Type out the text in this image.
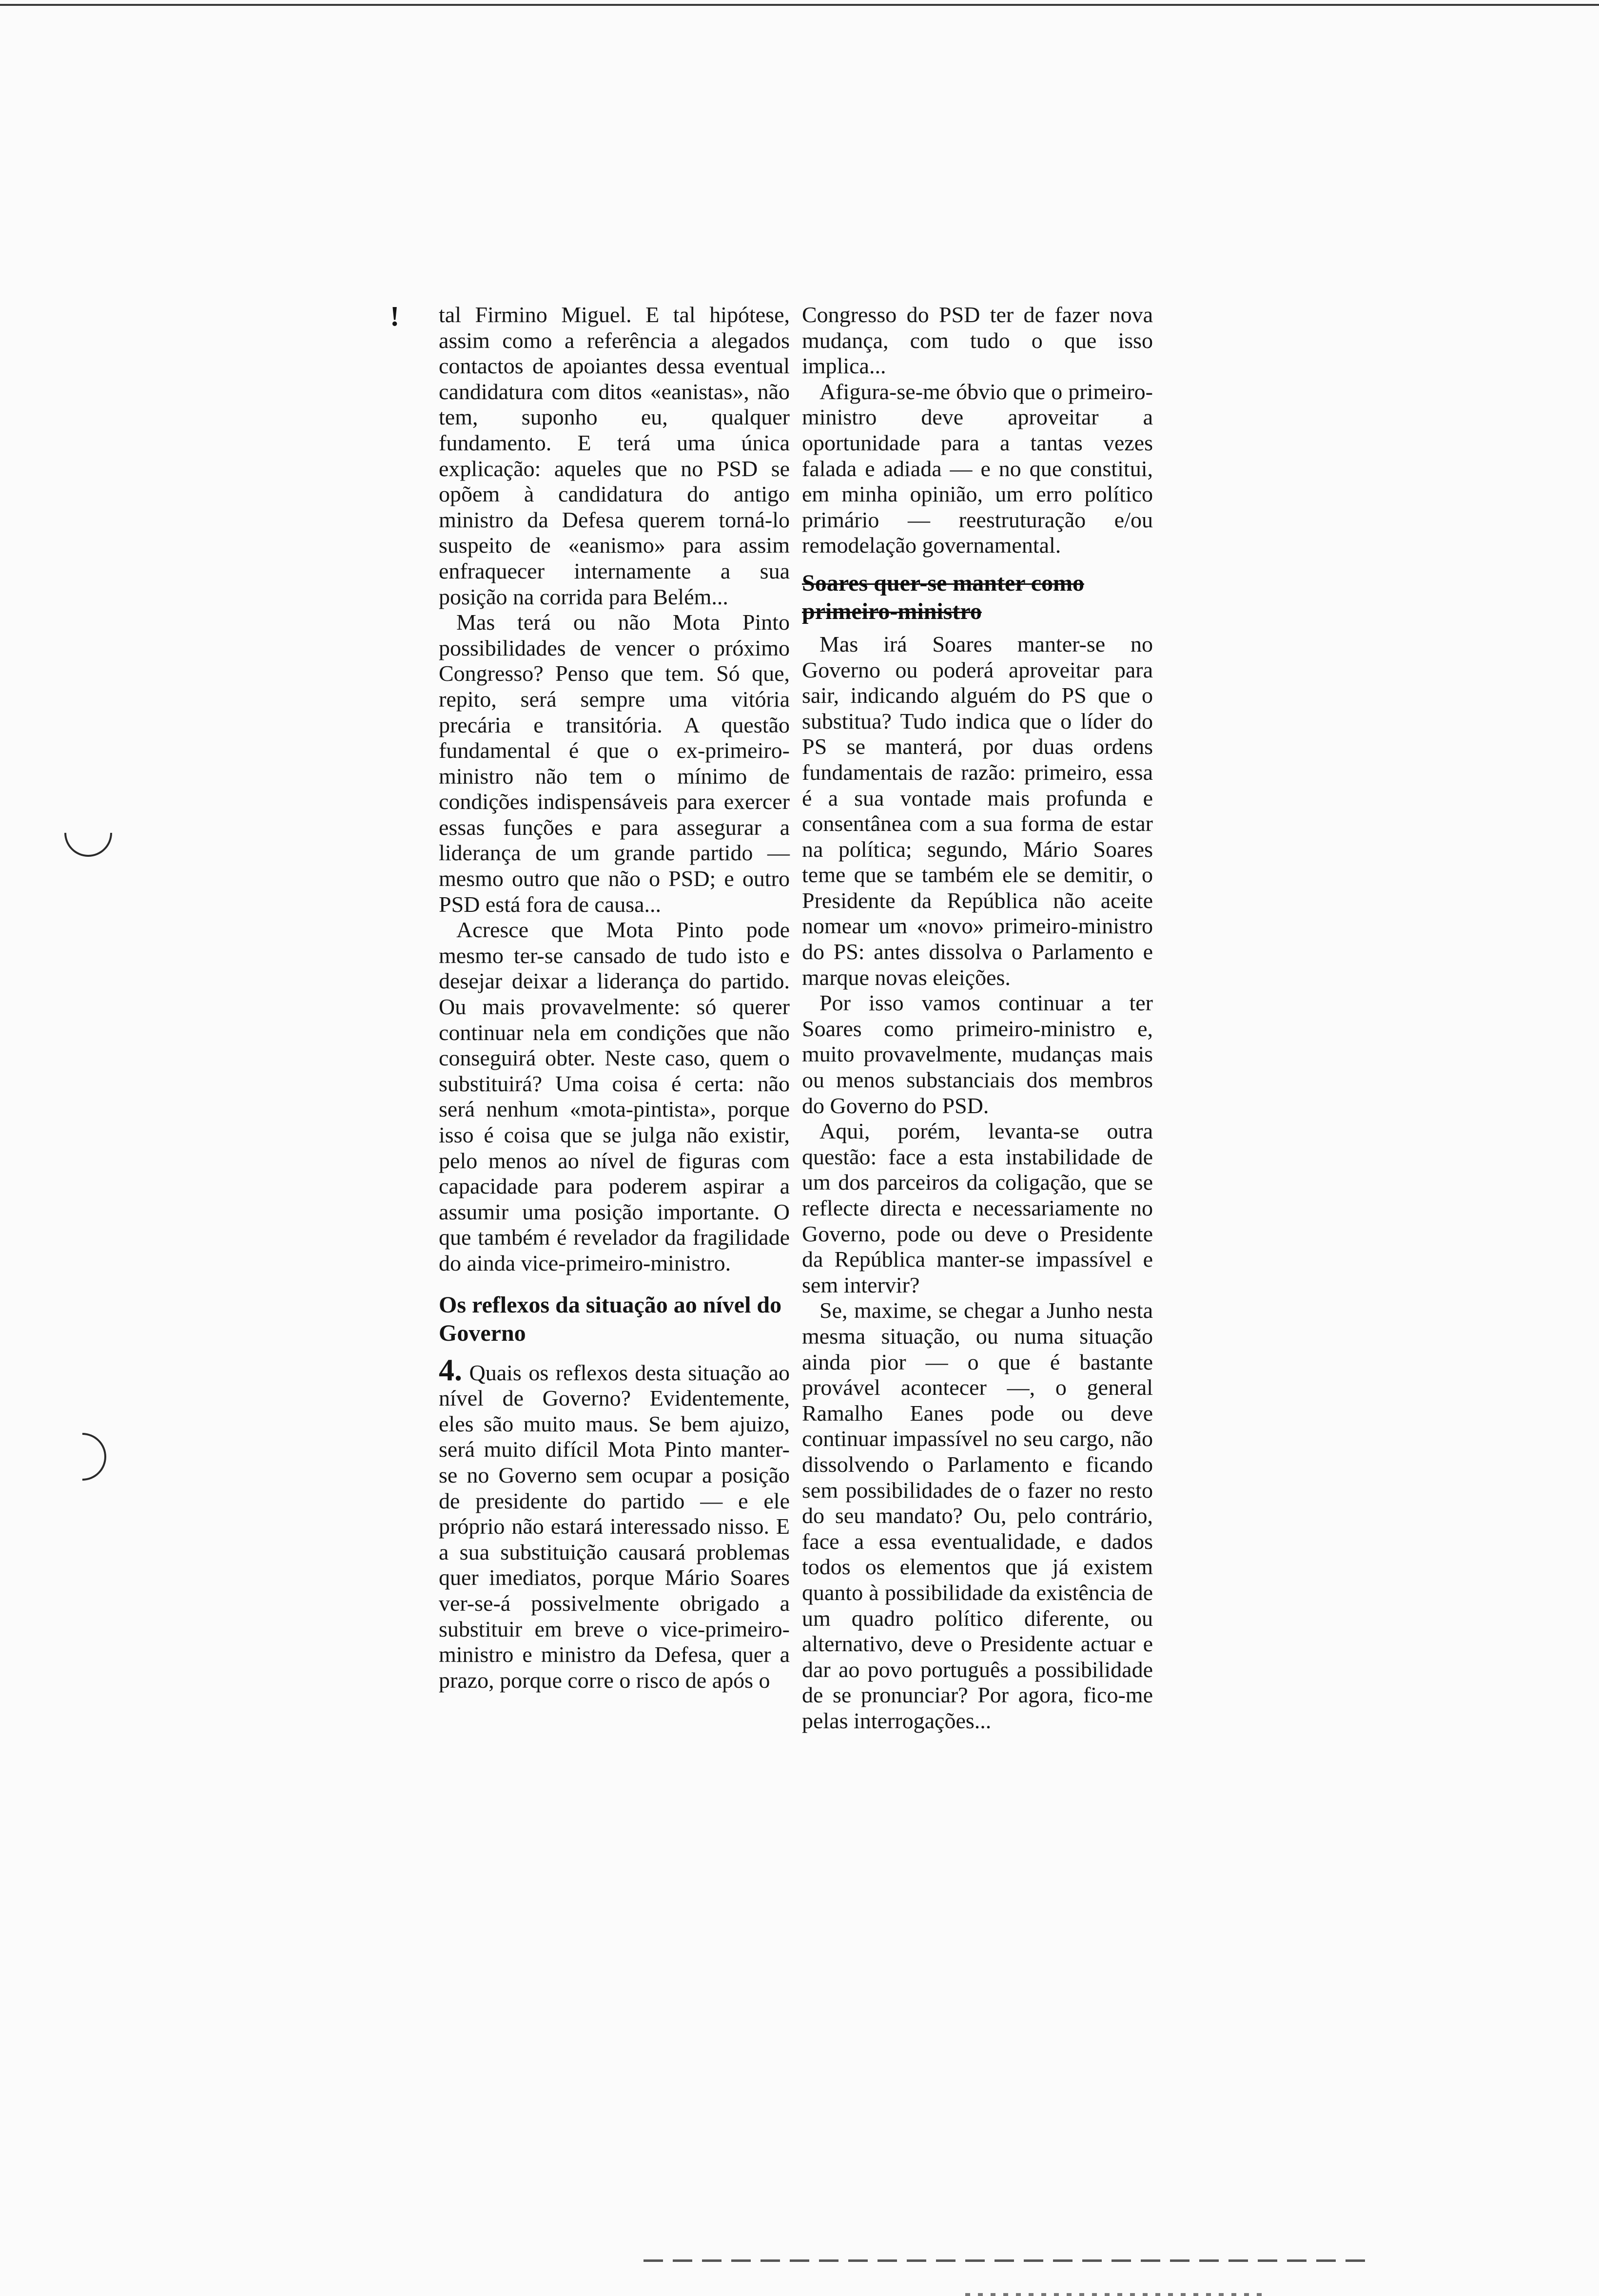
! tal Firmino Miguel. E tal hipótese, assim como a referência a alegados contactos de apoiantes dessa eventual candidatura com ditos «eanistas», não tem, suponho eu, qualquer fundamento. E terá uma única explicação: aqueles que no PSD se opõem à candidatura do antigo ministro da Defesa querem torná-lo suspeito de «eanismo» para assim enfraquecer internamente a sua posição na corrida para Belém...

Mas terá ou não Mota Pinto possibilidades de vencer o próximo Congresso? Penso que tem. Só que, repito, será sempre uma vitória precária e transitória. A questão fundamental é que o ex-primeiro-ministro não tem o mínimo de condições indispensáveis para exercer essas funções e para assegurar a liderança de um grande partido — mesmo outro que não o PSD; e outro PSD está fora de causa...

Acresce que Mota Pinto pode mesmo ter-se cansado de tudo isto e desejar deixar a liderança do partido. Ou mais provavelmente: só querer continuar nela em condições que não conseguirá obter. Neste caso, quem o substituirá? Uma coisa é certa: não será nenhum «mota-pintista», porque isso é coisa que se julga não existir, pelo menos ao nível de figuras com capacidade para poderem aspirar a assumir uma posição importante. O que também é revelador da fragilidade do ainda vice-primeiro-ministro.

Os reflexos da situação ao nível do Governo

4. Quais os reflexos desta situação ao nível de Governo? Evidentemente, eles são muito maus. Se bem ajuizo, será muito difícil Mota Pinto manter-se no Governo sem ocupar a posição de presidente do partido — e ele próprio não estará interessado nisso. E a sua substituição causará problemas quer imediatos, porque Mário Soares ver-se-á possivelmente obrigado a substituir em breve o vice-primeiro-ministro e ministro da Defesa, quer a prazo, porque corre o risco de após o

Congresso do PSD ter de fazer nova mudança, com tudo o que isso implica...

Afigura-se-me óbvio que o primeiro-ministro deve aproveitar a oportunidade para a tantas vezes falada e adiada — e no que constitui, em minha opinião, um erro político primário — reestruturação e/ou remodelação governamental.

Soares quer-se manter como primeiro-ministro

Mas irá Soares manter-se no Governo ou poderá aproveitar para sair, indicando alguém do PS que o substitua? Tudo indica que o líder do PS se manterá, por duas ordens fundamentais de razão: primeiro, essa é a sua vontade mais profunda e consentânea com a sua forma de estar na política; segundo, Mário Soares teme que se também ele se demitir, o Presidente da República não aceite nomear um «novo» primeiro-ministro do PS: antes dissolva o Parlamento e marque novas eleições.

Por isso vamos continuar a ter Soares como primeiro-ministro e, muito provavelmente, mudanças mais ou menos substanciais dos membros do Governo do PSD.

Aqui, porém, levanta-se outra questão: face a esta instabilidade de um dos parceiros da coligação, que se reflecte directa e necessariamente no Governo, pode ou deve o Presidente da República manter-se impassível e sem intervir?

Se, maxime, se chegar a Junho nesta mesma situação, ou numa situação ainda pior — o que é bastante provável acontecer —, o general Ramalho Eanes pode ou deve continuar impassível no seu cargo, não dissolvendo o Parlamento e ficando sem possibilidades de o fazer no resto do seu mandato? Ou, pelo contrário, face a essa eventualidade, e dados todos os elementos que já existem quanto à possibilidade da existência de um quadro político diferente, ou alternativo, deve o Presidente actuar e dar ao povo português a possibilidade de se pronunciar? Por agora, fico-me pelas interrogações...
